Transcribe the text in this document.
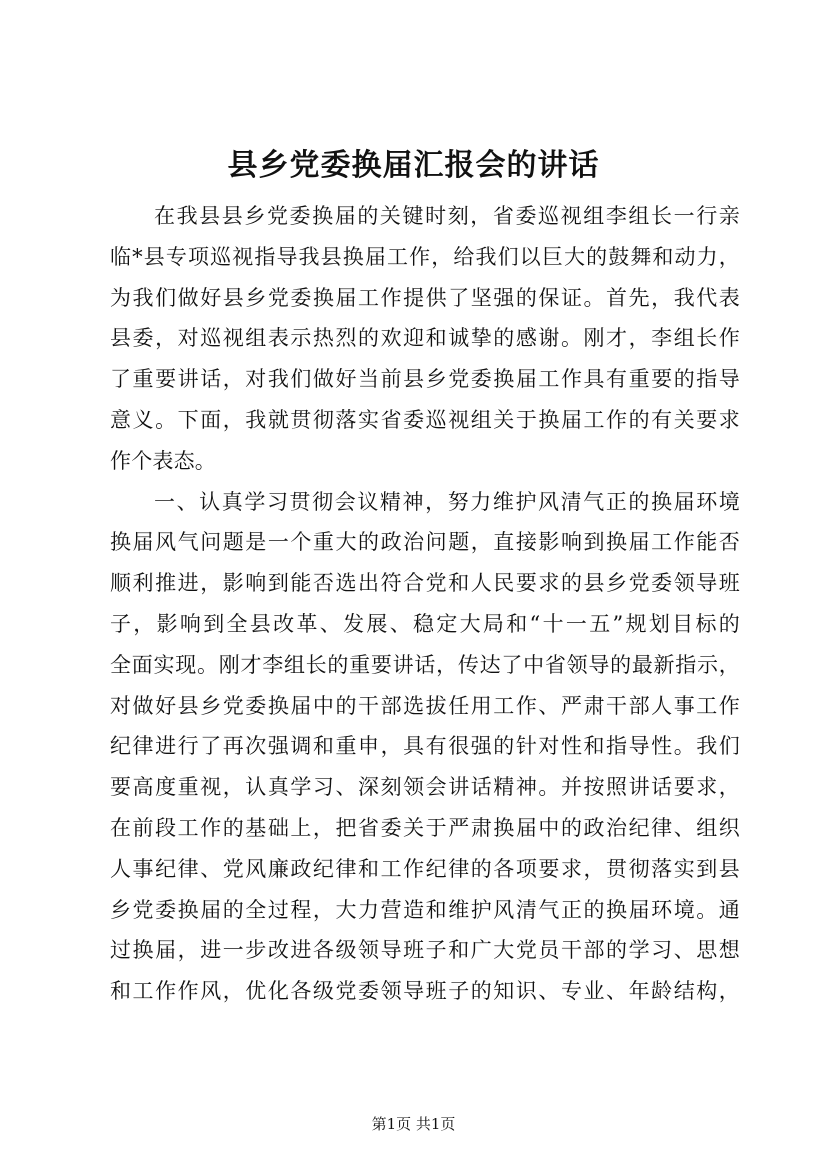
县乡党委换届汇报会的讲话
在我县县乡党委换届的关键时刻，省委巡视组李组长一行亲
临*县专项巡视指导我县换届工作，给我们以巨大的鼓舞和动力，
为我们做好县乡党委换届工作提供了坚强的保证。首先，我代表
县委，对巡视组表示热烈的欢迎和诚挚的感谢。刚才，李组长作
了重要讲话，对我们做好当前县乡党委换届工作具有重要的指导
意义。下面，我就贯彻落实省委巡视组关于换届工作的有关要求
作个表态。
一、认真学习贯彻会议精神，努力维护风清气正的换届环境
换届风气问题是一个重大的政治问题，直接影响到换届工作能否
顺利推进，影响到能否选出符合党和人民要求的县乡党委领导班
子，影响到全县改革、发展、稳定大局和“十一五”规划目标的
全面实现。刚才李组长的重要讲话，传达了中省领导的最新指示，
对做好县乡党委换届中的干部选拔任用工作、严肃干部人事工作
纪律进行了再次强调和重申，具有很强的针对性和指导性。我们
要高度重视，认真学习、深刻领会讲话精神。并按照讲话要求，
在前段工作的基础上，把省委关于严肃换届中的政治纪律、组织
人事纪律、党风廉政纪律和工作纪律的各项要求，贯彻落实到县
乡党委换届的全过程，大力营造和维护风清气正的换届环境。通
过换届，进一步改进各级领导班子和广大党员干部的学习、思想
和工作作风，优化各级党委领导班子的知识、专业、年龄结构，
第1页 共1页
